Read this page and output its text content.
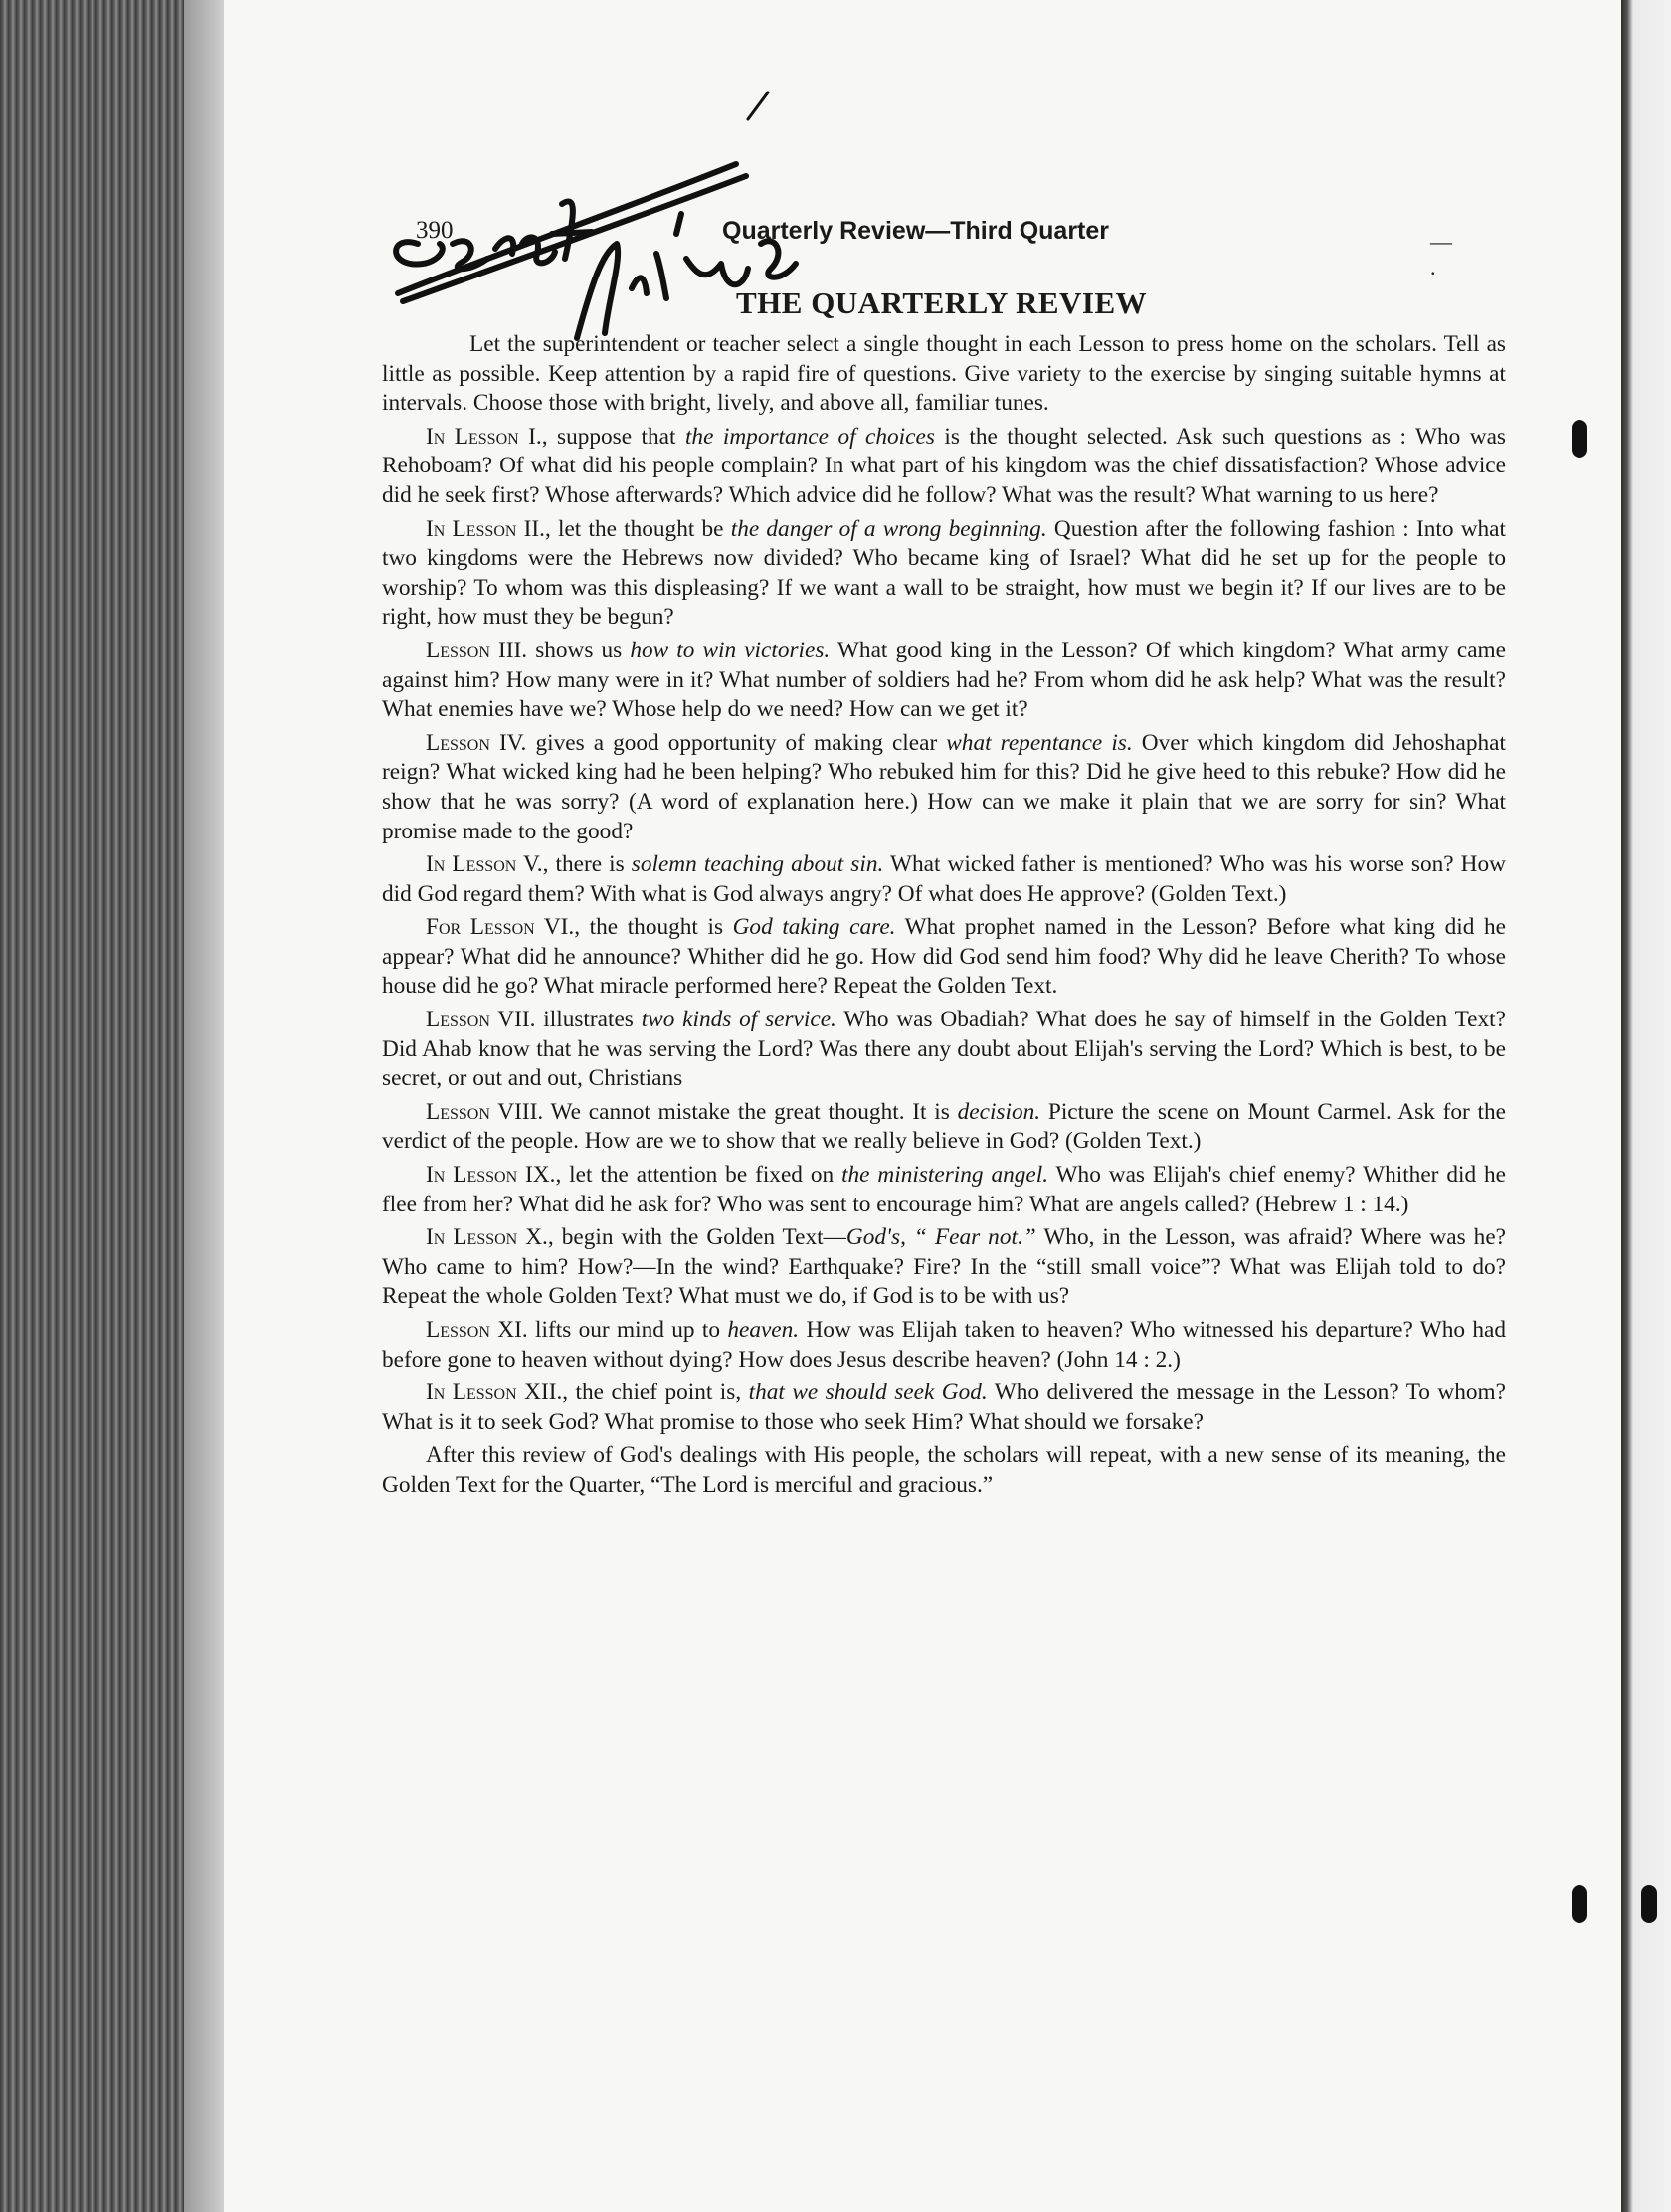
390	Quarterly Review—Third Quarter	— .
THE QUARTERLY REVIEW

Let the superintendent or teacher select a single thought in each Lesson to press home on the scholars. Tell as little as possible. Keep attention by a rapid fire of questions. Give variety to the exercise by singing suitable hymns at intervals. Choose those with bright, lively, and above all, familiar tunes.

In Lesson I., suppose that the importance of choices is the thought selected. Ask such questions as : Who was Rehoboam? Of what did his people complain? In what part of his kingdom was the chief dissatisfaction? Whose advice did he seek first? Whose afterwards? Which advice did he follow? What was the result? What warning to us here?

In Lesson II., let the thought be the danger of a wrong beginning. Question after the following fashion : Into what two kingdoms were the Hebrews now divided? Who became king of Israel? What did he set up for the people to worship? To whom was this displeasing? If we want a wall to be straight, how must we begin it? If our lives are to be right, how must they be begun?

Lesson III. shows us how to win victories. What good king in the Lesson? Of which kingdom? What army came against him? How many were in it? What number of soldiers had he? From whom did he ask help? What was the result? What enemies have we? Whose help do we need? How can we get it?

Lesson IV. gives a good opportunity of making clear what repentance is. Over which kingdom did Jehoshaphat reign? What wicked king had he been helping? Who rebuked him for this? Did he give heed to this rebuke? How did he show that he was sorry? (A word of explanation here.) How can we make it plain that we are sorry for sin? What promise made to the good?

In Lesson V., there is solemn teaching about sin. What wicked father is mentioned? Who was his worse son? How did God regard them? With what is God always angry? Of what does He approve? (Golden Text.)

For Lesson VI., the thought is God taking care. What prophet named in the Lesson? Before what king did he appear? What did he announce? Whither did he go. How did God send him food? Why did he leave Cherith? To whose house did he go? What miracle performed here? Repeat the Golden Text.

Lesson VII. illustrates two kinds of service. Who was Obadiah? What does he say of himself in the Golden Text? Did Ahab know that he was serving the Lord? Was there any doubt about Elijah's serving the Lord? Which is best, to be secret, or out and out, Christians

Lesson VIII. We cannot mistake the great thought. It is decision. Picture the scene on Mount Carmel. Ask for the verdict of the people. How are we to show that we really believe in God? (Golden Text.)

In Lesson IX., let the attention be fixed on the ministering angel. Who was Elijah's chief enemy? Whither did he flee from her? What did he ask for? Who was sent to encourage him? What are angels called? (Hebrew 1 : 14.)

In Lesson X., begin with the Golden Text—God's, “ Fear not.” Who, in the Lesson, was afraid? Where was he? Who came to him? How?—In the wind? Earthquake? Fire? In the “still small voice”? What was Elijah told to do? Repeat the whole Golden Text? What must we do, if God is to be with us?

Lesson XI. lifts our mind up to heaven. How was Elijah taken to heaven? Who witnessed his departure? Who had before gone to heaven without dying? How does Jesus describe heaven? (John 14 : 2.)

In Lesson XII., the chief point is, that we should seek God. Who delivered the message in the Lesson? To whom? What is it to seek God? What promise to those who seek Him? What should we forsake?

After this review of God's dealings with His people, the scholars will repeat, with a new sense of its meaning, the Golden Text for the Quarter, “The Lord is merciful and gracious.”
